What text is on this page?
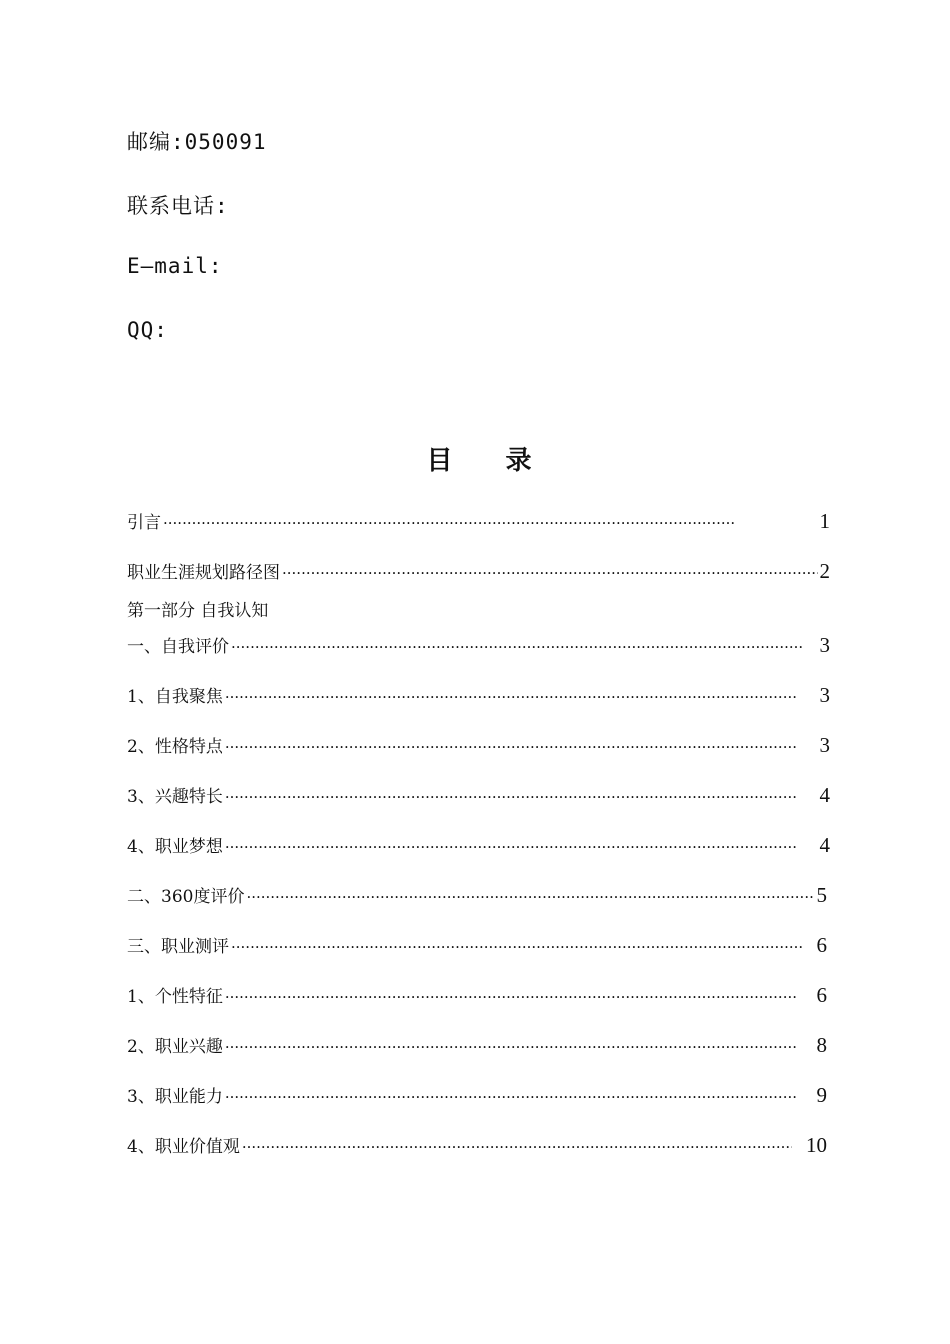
邮编:050091
联系电话:
E—mail:
QQ:
目 录
第一部分 自我认知
引言 ·····	1
职业生涯规划路径图 ·····	2
一、自我评价 ·····	3
1、自我聚焦 ·····	3
2、性格特点 ·····	3
3、兴趣特长 ·····	4
4、职业梦想 ·····	4
二、360度评价 ·····	5
三、职业测评 ·····	6
1、个性特征 ·····	6
2、职业兴趣 ·····	8
3、职业能力 ·····	9
4、职业价值观 ·····	10
